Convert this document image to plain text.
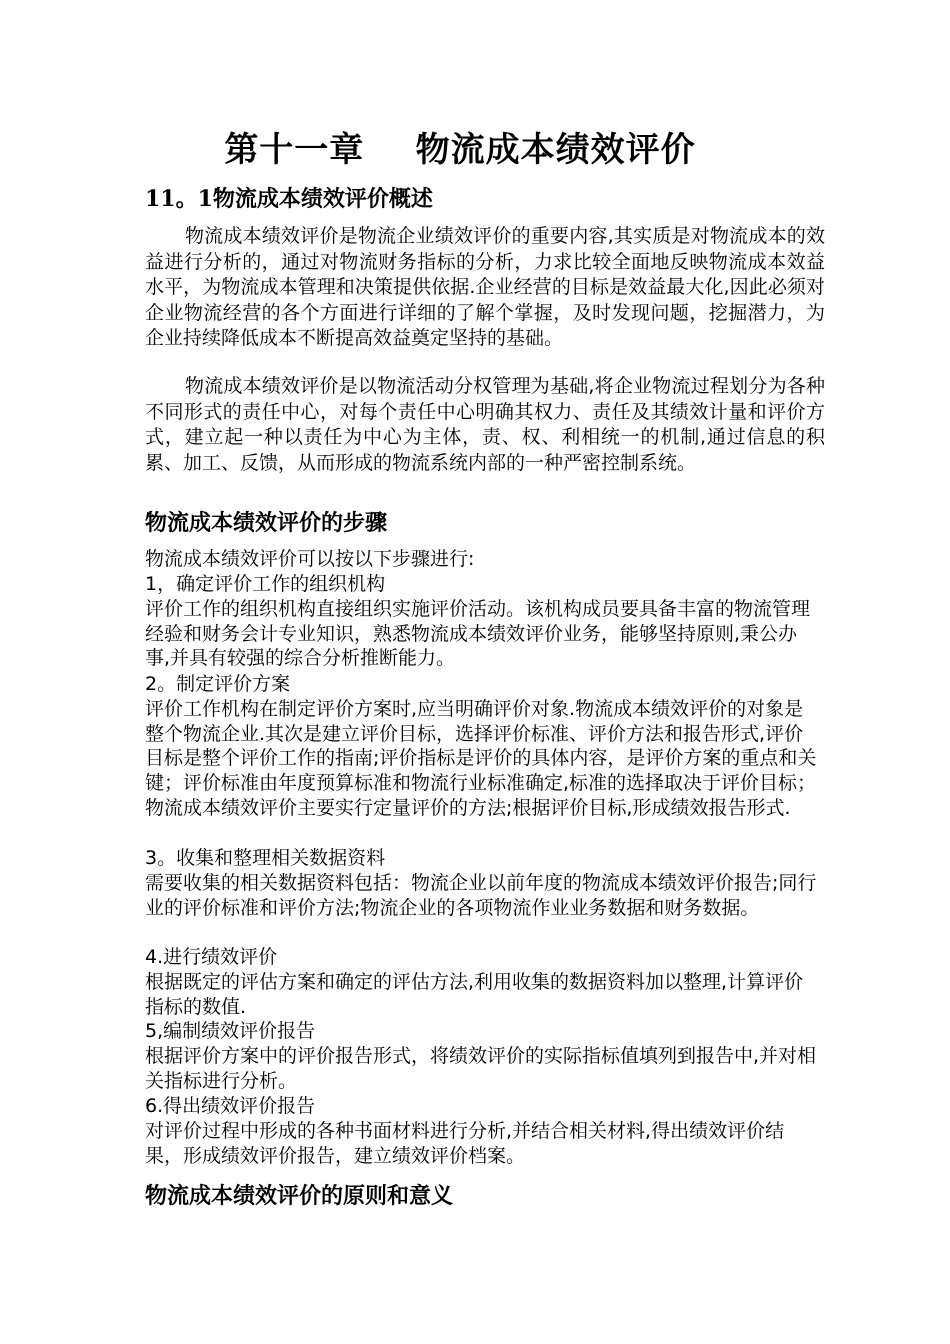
第十一章    物流成本绩效评价
11。1物流成本绩效评价概述
物流成本绩效评价是物流企业绩效评价的重要内容,其实质是对物流成本的效益进行分析的，通过对物流财务指标的分析，力求比较全面地反映物流成本效益水平，为物流成本管理和决策提供依据.企业经营的目标是效益最大化,因此必须对企业物流经营的各个方面进行详细的了解个掌握，及时发现问题，挖掘潜力，为企业持续降低成本不断提高效益奠定坚持的基础。
物流成本绩效评价是以物流活动分权管理为基础,将企业物流过程划分为各种不同形式的责任中心，对每个责任中心明确其权力、责任及其绩效计量和评价方式，建立起一种以责任为中心为主体，责、权、利相统一的机制,通过信息的积累、加工、反馈，从而形成的物流系统内部的一种严密控制系统。
物流成本绩效评价的步骤
物流成本绩效评价可以按以下步骤进行:
1，确定评价工作的组织机构
评价工作的组织机构直接组织实施评价活动。该机构成员要具备丰富的物流管理经验和财务会计专业知识，熟悉物流成本绩效评价业务，能够坚持原则,秉公办事,并具有较强的综合分析推断能力。
2。制定评价方案
评价工作机构在制定评价方案时,应当明确评价对象.物流成本绩效评价的对象是整个物流企业.其次是建立评价目标，选择评价标准、评价方法和报告形式,评价目标是整个评价工作的指南;评价指标是评价的具体内容，是评价方案的重点和关键；评价标准由年度预算标准和物流行业标准确定,标准的选择取决于评价目标；物流成本绩效评价主要实行定量评价的方法;根据评价目标,形成绩效报告形式.
3。收集和整理相关数据资料
需要收集的相关数据资料包括：物流企业以前年度的物流成本绩效评价报告;同行业的评价标准和评价方法;物流企业的各项物流作业业务数据和财务数据。
4.进行绩效评价
根据既定的评估方案和确定的评估方法,利用收集的数据资料加以整理,计算评价指标的数值.
5,编制绩效评价报告
根据评价方案中的评价报告形式，将绩效评价的实际指标值填列到报告中,并对相关指标进行分析。
6.得出绩效评价报告
对评价过程中形成的各种书面材料进行分析,并结合相关材料,得出绩效评价结果，形成绩效评价报告，建立绩效评价档案。
物流成本绩效评价的原则和意义
